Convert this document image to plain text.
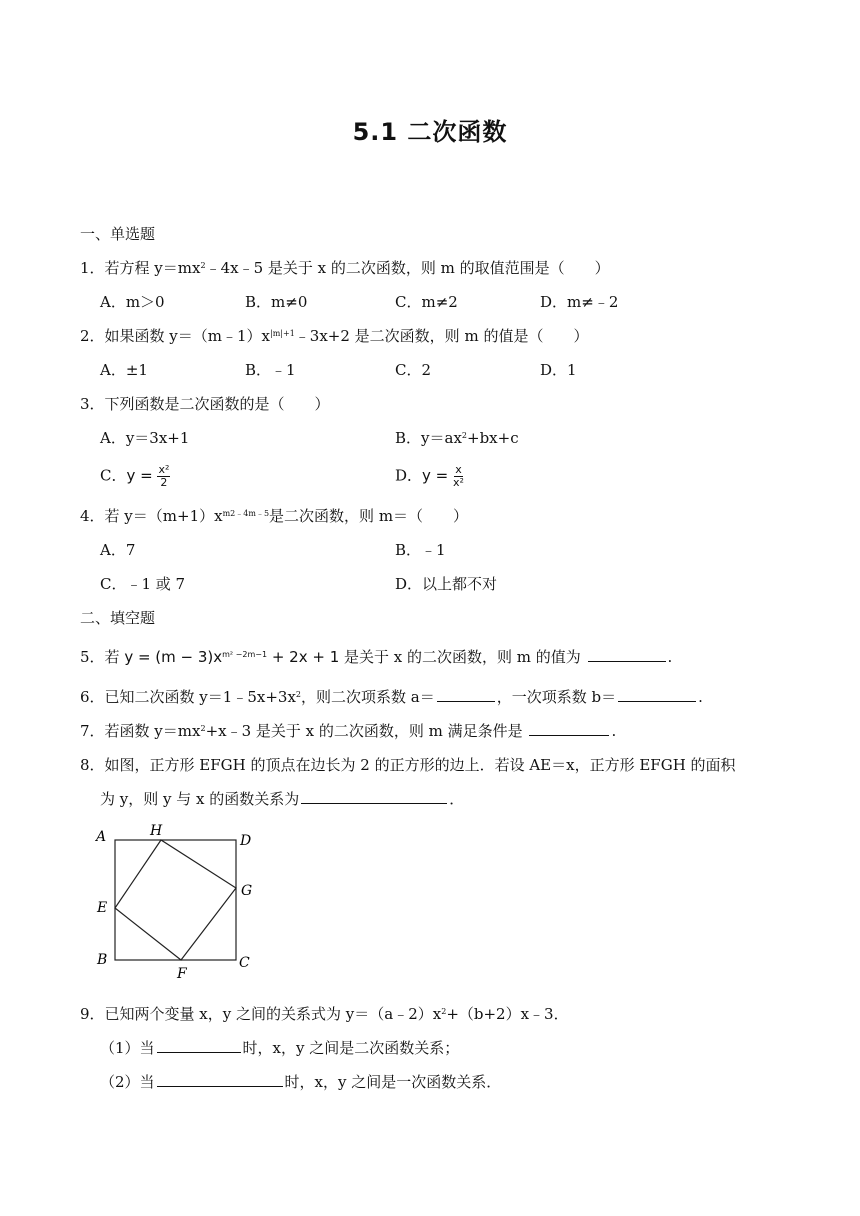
5.1 二次函数
一、单选题
1．若方程 $y=mx^2﹣4x﹣5$ 是关于 x 的二次函数，则 m 的取值范围是（　　）
A．m＞0	B．m≠0	C．m≠2	D．m≠﹣2
2．如果函数 $y=(m﹣1)x^{|m|+1}﹣3x+2$ 是二次函数，则 m 的值是（　　）
A．±1	B．﹣1	C．2	D．1
3．下列函数是二次函数的是（　　）
A．y＝3x+1	B．$y=ax^2+bx+c$
C．$y = \frac{\text{x²}}{2}$	D．$y = \frac{x}{\text{x²}}$
4．若 $y=(m+1)x^{m2﹣4m﹣5}$是二次函数，则 m＝（　　）
A．7	B．﹣1
C．﹣1 或 7	D．以上都不对
二、填空题
5．若 $y = (m - 3)x^{m^2 -2m-1} + 2x + 1$ 是关于 x 的二次函数，则 m 的值为	.
6．已知二次函数 $y=1﹣5x+3x^2$，则二次项系数 a＝	，一次项系数 b＝	.
7．若函数 $y=mx^2+x﹣3$ 是关于 x 的二次函数，则 m 满足条件是	.
8．如图，正方形 EFGH 的顶点在边长为 2 的正方形的边上．若设 AE＝x，正方形 EFGH 的面积
为 y，则 y 与 x 的函数关系为	．
A	H
D
E
G
B
F
C
9．已知两个变量 x，y 之间的关系式为 $y=(a﹣2)x^2+(b+2)x﹣3$．
（1）当	时，x，y 之间是二次函数关系；
（2）当	时，x，y 之间是一次函数关系．
